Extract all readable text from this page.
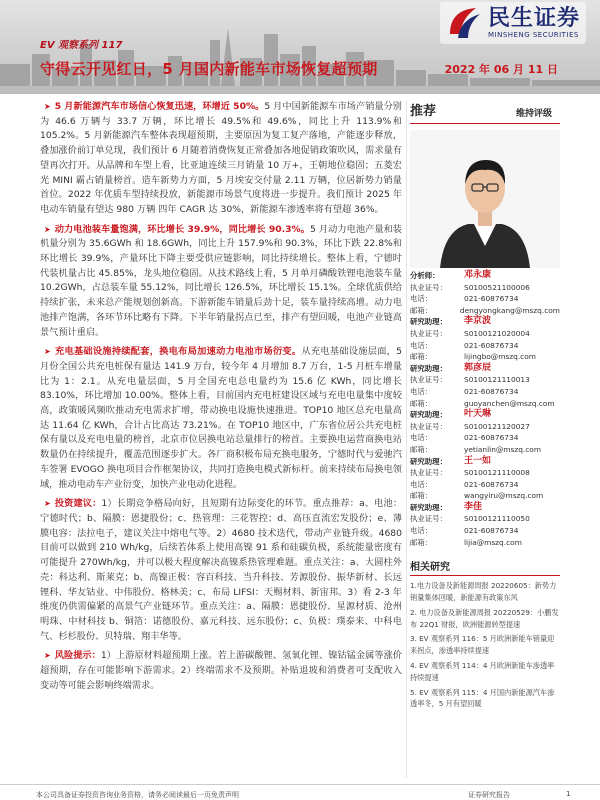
民生证券
MINSHENG SECURITIES
EV 观察系列 117
守得云开见红日，5 月国内新能车市场恢复超预期	2022 年 06 月 11 日
➤ 5 月新能源汽车市场信心恢复迅速，环增近 50%。5 月中国新能源车市场产销量分别为 46.6 万辆与 33.7 万辆，环比增长 49.5%和 49.6%，同比上升 113.9%和 105.2%。5 月新能源汽车整体表现超预期，主要原因为复工复产落地，产能逐步释放，叠加涨价前订单兑现，我们预计 6 月随着消费恢复正常叠加各地促销政策吹风，需求量有望再次打开。从品牌和车型上看，比亚迪连续三月销量 10 万+，王朝地位稳固；五菱宏光 MINI 霸占销量榜首。造车新势力方面，5 月埃安交付量 2.11 万辆，位居新势力销量首位。2022 年优质车型持续投放，新能源市场景气度将进一步提升。我们预计 2025 年电动车销量有望达 980 万辆 四年 CAGR 达 30%，新能源车渗透率将有望超 36%。
➤ 动力电池装车量饱满，环比增长 39.9%，同比增长 90.3%。5 月动力电池产量和装机量分别为 35.6GWh 和 18.6GWh，同比上升 157.9%和 90.3%，环比下跌 22.8%和环比增长 39.9%，产量环比下降主要受供应链影响，同比持续增长。整体上看，宁德时代装机量占比 45.85%，龙头地位稳固。从技术路线上看，5 月单月磷酸铁锂电池装车量 10.2GWh，占总装车量 55.12%，同比增长 126.5%，环比增长 15.1%。全球优质供给持续扩张，未来总产能规划创新高。下游新能车销量后劲十足，装车量持续高增。动力电池排产饱满，各环节环比略有下降。下半年销量拐点已至，排产有望回暖，电池产业链高景气预计重启。
➤ 充电基础设施持续配套，换电布局加速动力电池市场衍变。从充电基础设施层面，5 月份全国公共充电桩保有量达 141.9 万台，较今年 4 月增加 8.7 万台，1-5 月桩车增量比为 1：2.1。从充电量层面，5 月全国充电总电量约为 15.6 亿 KWh，同比增长 83.10%，环比增加 10.00%。整体上看，目前国内充电桩建设区域与充电电量集中度较高，政策暖风频吹推动充电需求扩增，带动换电设施快速推进。TOP10 地区总充电量高达 11.64 亿 KWh，合计占比高达 73.21%。在 TOP10 地区中，广东省位居公共充电桩保有量以及充电电量的榜首，北京市位居换电站总量排行的榜首。主要换电运营商换电站数量仍在持续提升，覆盖范围逐步扩大。各厂商积极布局充换电服务，宁德时代与爱驰汽车签署 EVOGO 换电项目合作框架协议，共同打造换电模式新标杆。前来持续布局换电领域，推动电动车产业衍变，加快产业电动化进程。
➤ 投资建议：1）长期竞争格局向好，且短期有边际变化的环节。重点推荐：a、电池：宁德时代；b、隔膜：恩捷股份；c、热管理：三花智控；d、高压直流宏发股份；e、薄膜电容：法拉电子，建议关注中熔电气等。2）4680 技术迭代，带动产业链升级。4680 目前可以做到 210 Wh/kg，后续若体系上使用高镍 91 系和硅碳负极，系统能量密度有可能提升 270Wh/kg，并可以极大程度解决高镍系热管理难题。重点关注：a、大圆柱外壳：科达利、斯莱克；b、高镍正极：容百科技、当升科技、芳源股份、振华新材、长远锂科、华友钴业、中伟股份、格林美；c、布局 LIFSI：天赐材料、新宙邦。3）看 2-3 年维度仍供需偏紧的高景气产业链环节。重点关注：a、隔膜：恩捷股份、星源材质、沧州明珠、中材科技 b、铜箔：诺德股份、嘉元科技、远东股份；c、负极：璞泰来、中科电气、杉杉股份、贝特瑞、翔丰华等。
➤ 风险提示：1）上游原材料超预期上涨。若上游碳酸锂、氢氧化锂、镍钴锰金属等涨价超预期，存在可能影响下游需求。2）终端需求不及预期。补贴退坡和消费者可支配收入变动等可能会影响终端需求。
推荐	维持评级
分析师：	邓永康
执业证号：	S0100521100006
电话：	021-60876734
邮箱：	dengyongkang@mszq.com
研究助理：	李京波
执业证号：	S0100121020004
电话：	021-60876734
邮箱：	lijingbo@mszq.com
研究助理：	郭彦辰
执业证号：	S0100121110013
电话：	021-60876734
邮箱：	guoyanchen@mszq.com
研究助理：	叶天琳
执业证号：	S0100121120027
电话：	021-60876734
邮箱：	yetianlin@mszq.com
研究助理：	王一如
执业证号：	S0100121110008
电话：	021-60876734
邮箱：	wangyiru@mszq.com
研究助理：	李佳
执业证号：	S0100121110050
电话：	021-60876734
邮箱：	lijia@mszq.com
相关研究
1.电力设备及新能源周报 20220605：新势力销量集体回暖，新能源有政策东风
2. 电力设备及新能源周报 20220529：小鹏发布 22Q1 财报，欧洲能源转型提速
3. EV 观察系列 116：5 月欧洲新能车销量迎来拐点，渗透率持续提速
4. EV 观察系列 114：4 月欧洲新能车渗透率持续提速
5. EV 观察系列 115：4 月国内新能源汽车渗透率冬，5 月有望回暖
本公司具备证券投资咨询业务资格，请务必阅读最后一页免责声明	证券研究报告	1
